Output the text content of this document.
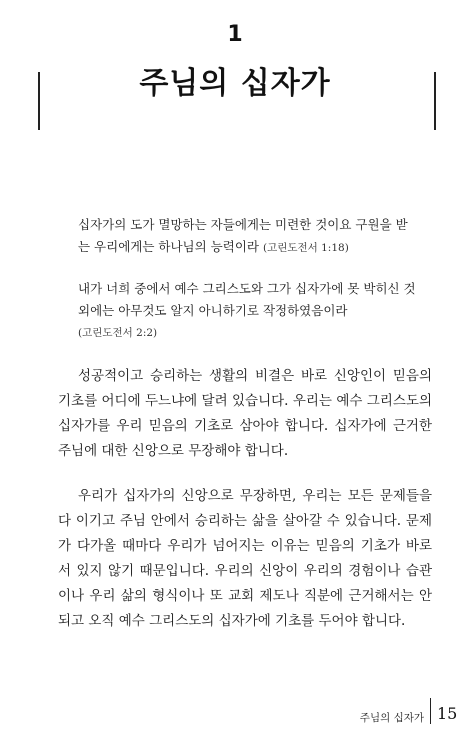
1
주님의 십자가
십자가의 도가 멸망하는 자들에게는 미련한 것이요 구원을 받는 우리에게는 하나님의 능력이라 (고린도전서 1:18)
내가 너희 중에서 예수 그리스도와 그가 십자가에 못 박히신 것 외에는 아무것도 알지 아니하기로 작정하였음이라
(고린도전서 2:2)

성공적이고 승리하는 생활의 비결은 바로 신앙인이 믿음의 기초를 어디에 두느냐에 달려 있습니다. 우리는 예수 그리스도의 십자가를 우리 믿음의 기초로 삼아야 합니다. 십자가에 근거한 주님에 대한 신앙으로 무장해야 합니다.

우리가 십자가의 신앙으로 무장하면, 우리는 모든 문제들을 다 이기고 주님 안에서 승리하는 삶을 살아갈 수 있습니다. 문제가 다가올 때마다 우리가 넘어지는 이유는 믿음의 기초가 바로 서 있지 않기 때문입니다. 우리의 신앙이 우리의 경험이나 습관이나 우리 삶의 형식이나 또 교회 제도나 직분에 근거해서는 안 되고 오직 예수 그리스도의 십자가에 기초를 두어야 합니다.

주님의 십자가 15
